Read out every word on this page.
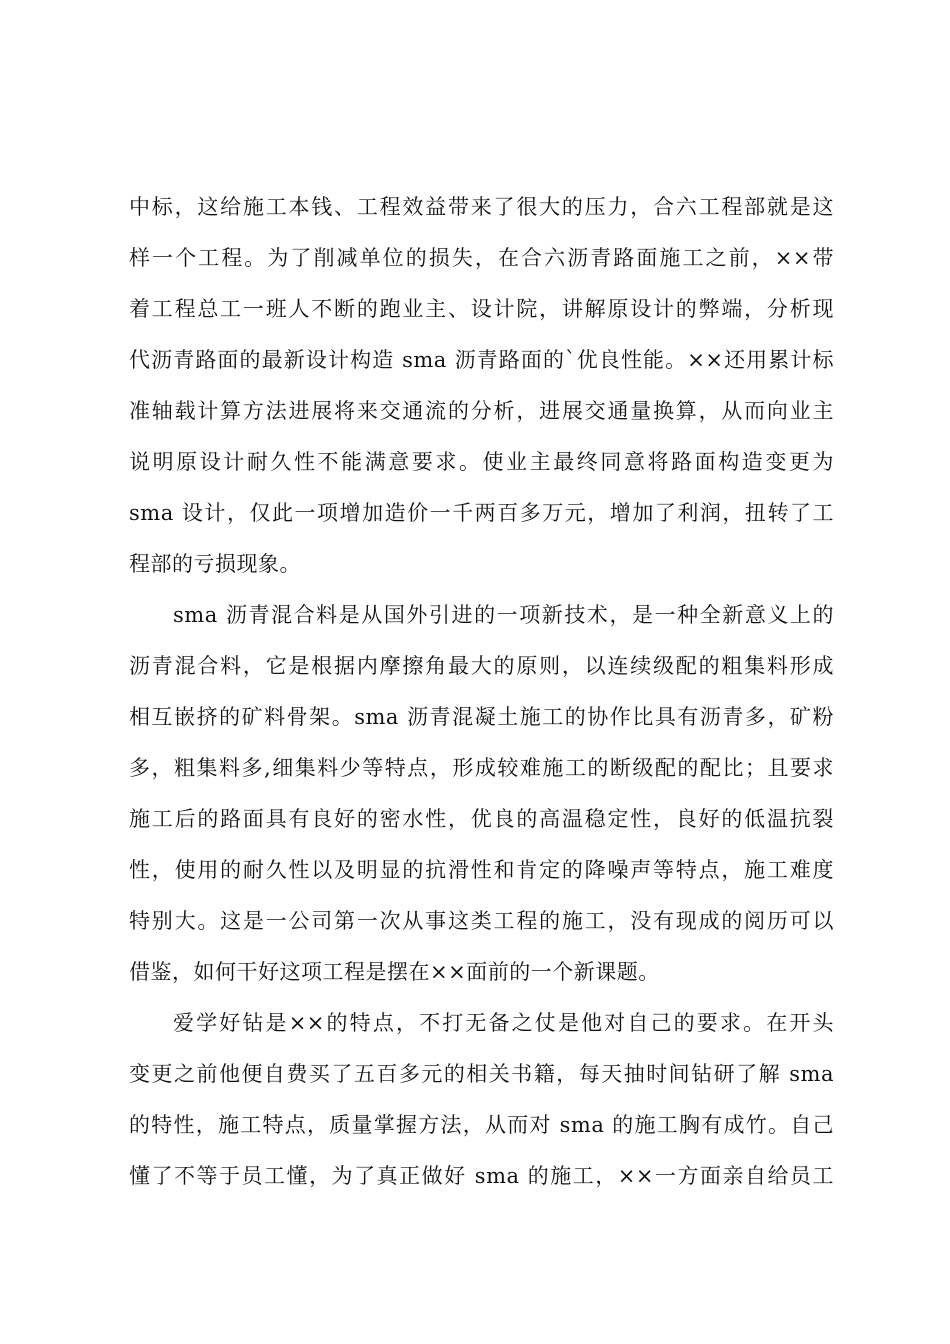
中标，这给施工本钱、工程效益带来了很大的压力，合六工程部就是这
样一个工程。为了削减单位的损失，在合六沥青路面施工之前，××带
着工程总工一班人不断的跑业主、设计院，讲解原设计的弊端，分析现
代沥青路面的最新设计构造 sma 沥青路面的`优良性能。××还用累计标
准轴载计算方法进展将来交通流的分析，进展交通量换算，从而向业主
说明原设计耐久性不能满意要求。使业主最终同意将路面构造变更为
sma 设计，仅此一项增加造价一千两百多万元，增加了利润，扭转了工
程部的亏损现象。
sma 沥青混合料是从国外引进的一项新技术，是一种全新意义上的
沥青混合料，它是根据内摩擦角最大的原则，以连续级配的粗集料形成
相互嵌挤的矿料骨架。sma 沥青混凝土施工的协作比具有沥青多，矿粉
多，粗集料多,细集料少等特点，形成较难施工的断级配的配比；且要求
施工后的路面具有良好的密水性，优良的高温稳定性，良好的低温抗裂
性，使用的耐久性以及明显的抗滑性和肯定的降噪声等特点，施工难度
特别大。这是一公司第一次从事这类工程的施工，没有现成的阅历可以
借鉴，如何干好这项工程是摆在××面前的一个新课题。
爱学好钻是××的特点，不打无备之仗是他对自己的要求。在开头
变更之前他便自费买了五百多元的相关书籍，每天抽时间钻研了解 sma
的特性，施工特点，质量掌握方法，从而对 sma 的施工胸有成竹。自己
懂了不等于员工懂，为了真正做好 sma 的施工，××一方面亲自给员工
